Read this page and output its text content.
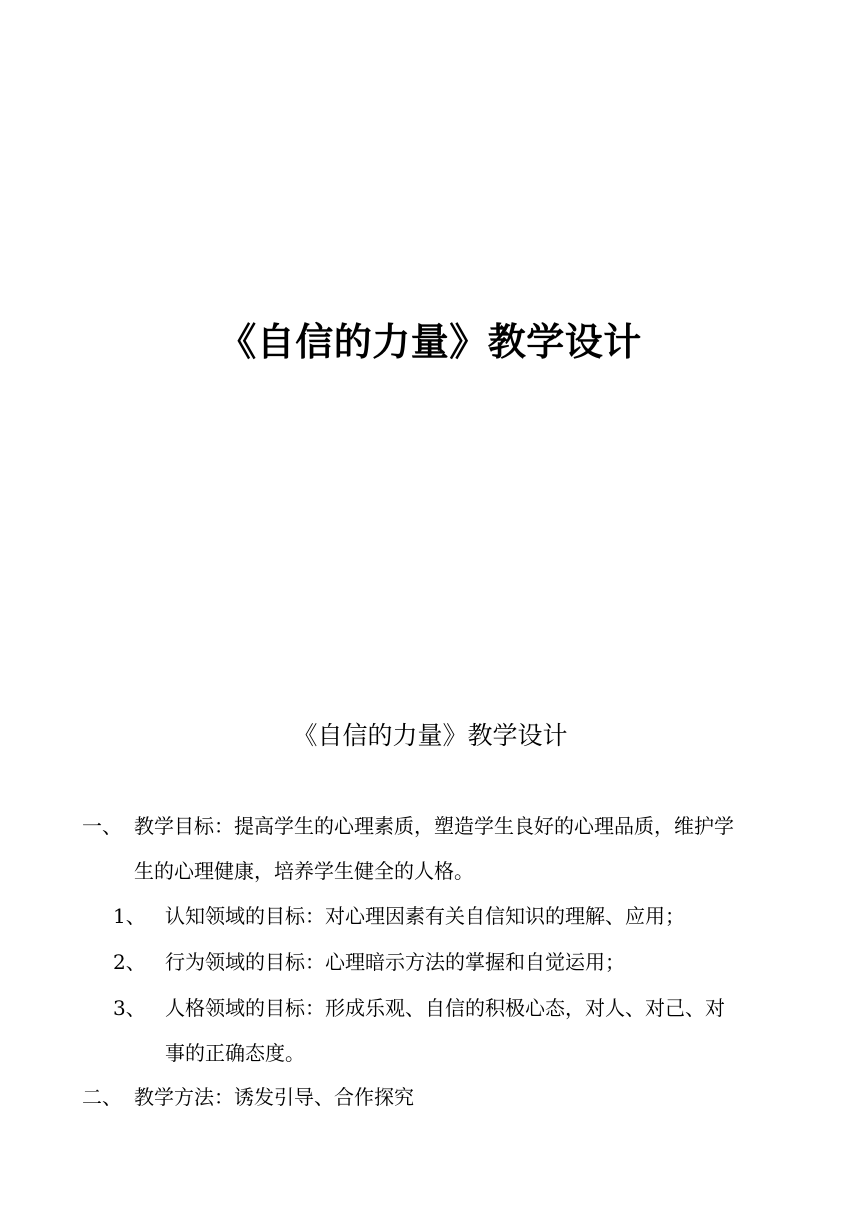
《自信的力量》教学设计
《自信的力量》教学设计
一、 教学目标：提高学生的心理素质，塑造学生良好的心理品质，维护学
生的心理健康，培养学生健全的人格。
1、 认知领域的目标：对心理因素有关自信知识的理解、应用；
2、 行为领域的目标：心理暗示方法的掌握和自觉运用；
3、 人格领域的目标：形成乐观、自信的积极心态，对人、对己、对
事的正确态度。
二、 教学方法：诱发引导、合作探究
